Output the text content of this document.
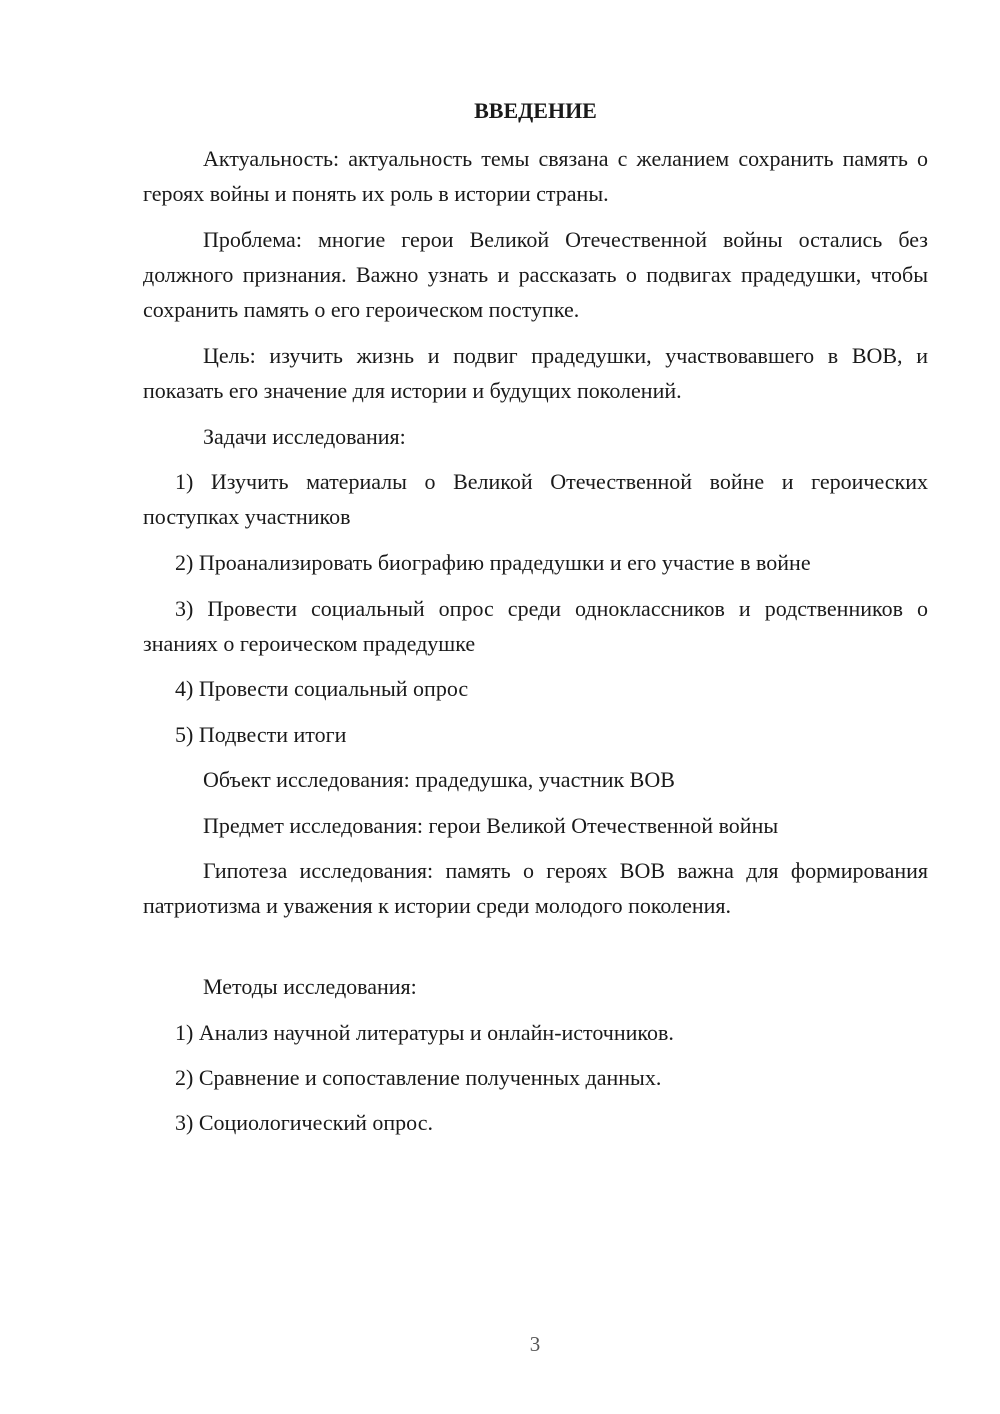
ВВЕДЕНИЕ

Актуальность: актуальность темы связана с желанием сохранить память о героях войны и понять их роль в истории страны.

Проблема: многие герои Великой Отечественной войны остались без должного признания. Важно узнать и рассказать о подвигах прадедушки, чтобы сохранить память о его героическом поступке.

Цель: изучить жизнь и подвиг прадедушки, участвовавшего в ВОВ, и показать его значение для истории и будущих поколений.

Задачи исследования:

1) Изучить материалы о Великой Отечественной войне и героических поступках участников

2) Проанализировать биографию прадедушки и его участие в войне

3) Провести социальный опрос среди одноклассников и родственников о знаниях о героическом прадедушке

4) Провести социальный опрос

5) Подвести итоги

Объект исследования: прадедушка, участник ВОВ

Предмет исследования: герои Великой Отечественной войны

Гипотеза исследования: память о героях ВОВ важна для формирования патриотизма и уважения к истории среди молодого поколения.

Методы исследования:

1) Анализ научной литературы и онлайн-источников.

2) Сравнение и сопоставление полученных данных.

3) Социологический опрос.

3
